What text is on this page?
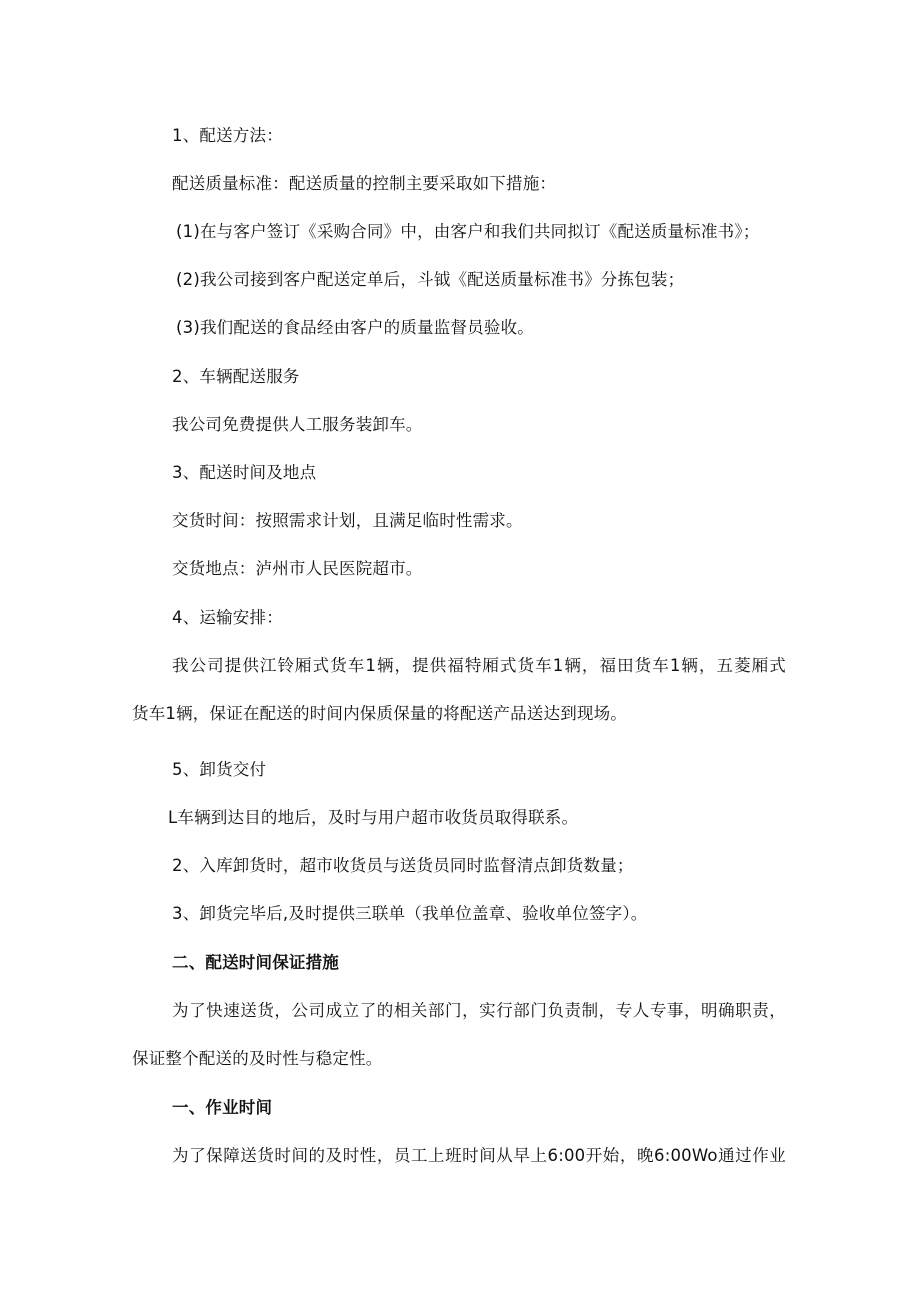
1、配送方法：
配送质量标准：配送质量的控制主要采取如下措施：
(1)在与客户签订《采购合同》中，由客户和我们共同拟订《配送质量标准书》；
(2)我公司接到客户配送定单后，斗钺《配送质量标准书》分拣包装；
(3)我们配送的食品经由客户的质量监督员验收。
2、车辆配送服务
我公司免费提供人工服务装卸车。
3、配送时间及地点
交货时间：按照需求计划，且满足临时性需求。
交货地点：泸州市人民医院超市。
4、运输安排：
我公司提供江铃厢式货车1辆，提供福特厢式货车1辆，福田货车1辆，五菱厢式
货车1辆，保证在配送的时间内保质保量的将配送产品送达到现场。
5、卸货交付
L车辆到达目的地后，及时与用户超市收货员取得联系。
2、入库卸货时，超市收货员与送货员同时监督清点卸货数量；
3、卸货完毕后,及时提供三联单（我单位盖章、验收单位签字）。
二、配送时间保证措施
为了快速送货，公司成立了的相关部门，实行部门负责制，专人专事，明确职责，
保证整个配送的及时性与稳定性。
一、作业时间
为了保障送货时间的及时性，员工上班时间从早上6:00开始，晚6:00Wo通过作业
